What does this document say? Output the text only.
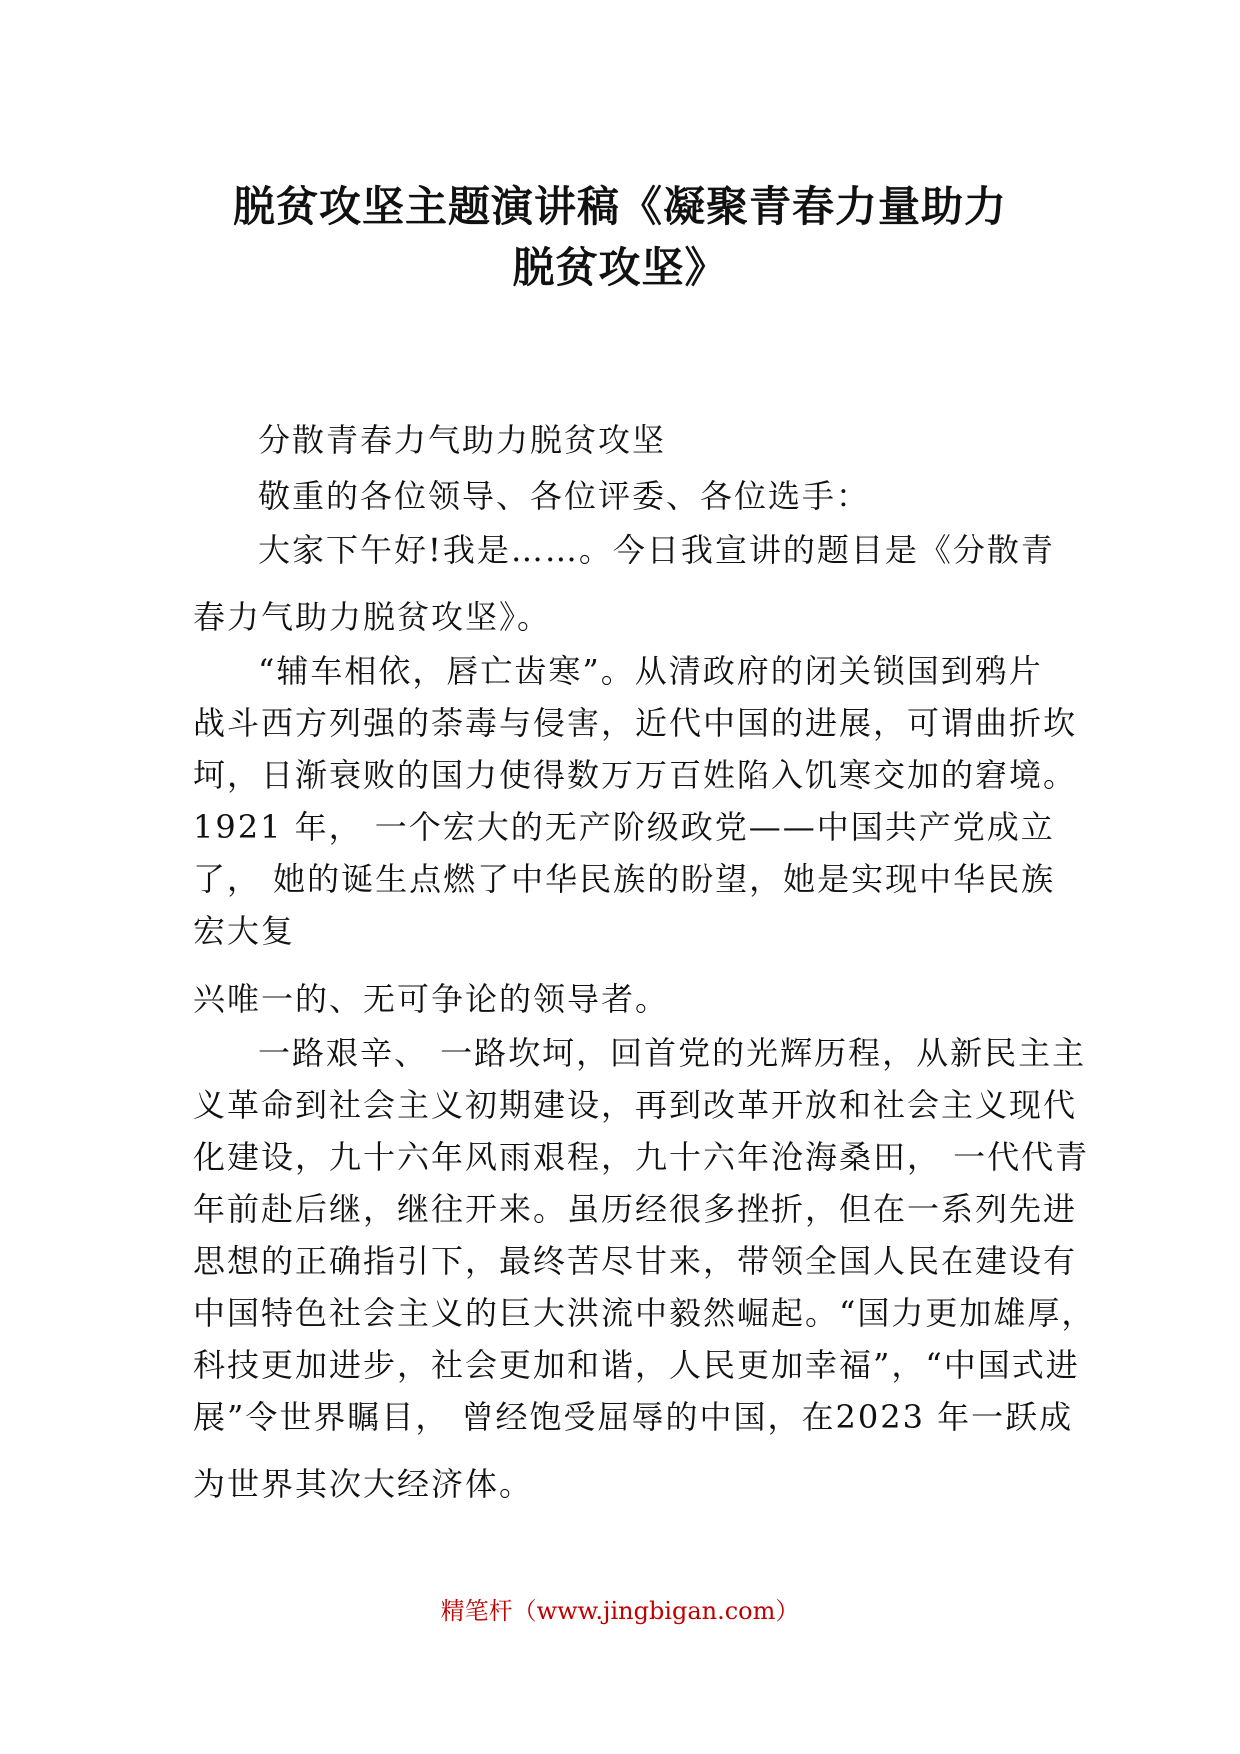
脱贫攻坚主题演讲稿《凝聚青春力量助力
脱贫攻坚》

分散青春力气助力脱贫攻坚

敬重的各位领导、各位评委、各位选手：

大家下午好!我是……。今日我宣讲的题目是《分散青

春力气助力脱贫攻坚》。

“辅车相依，唇亡齿寒”。从清政府的闭关锁国到鸦片

战斗西方列强的荼毒与侵害，近代中国的进展，可谓曲折坎

坷，日渐衰败的国力使得数万万百姓陷入饥寒交加的窘境。

1921 年， 一个宏大的无产阶级政党——中国共产党成立

了， 她的诞生点燃了中华民族的盼望，她是实现中华民族

宏大复

兴唯一的、无可争论的领导者。

一路艰辛、 一路坎坷，回首党的光辉历程，从新民主主

义革命到社会主义初期建设，再到改革开放和社会主义现代

化建设，九十六年风雨艰程，九十六年沧海桑田， 一代代青

年前赴后继，继往开来。虽历经很多挫折，但在一系列先进

思想的正确指引下，最终苦尽甘来，带领全国人民在建设有

中国特色社会主义的巨大洪流中毅然崛起。“国力更加雄厚，

科技更加进步，社会更加和谐，人民更加幸福”，“中国式进

展”令世界瞩目， 曾经饱受屈辱的中国，在2023 年一跃成

为世界其次大经济体。

精笔杆（www.jingbigan.com）
